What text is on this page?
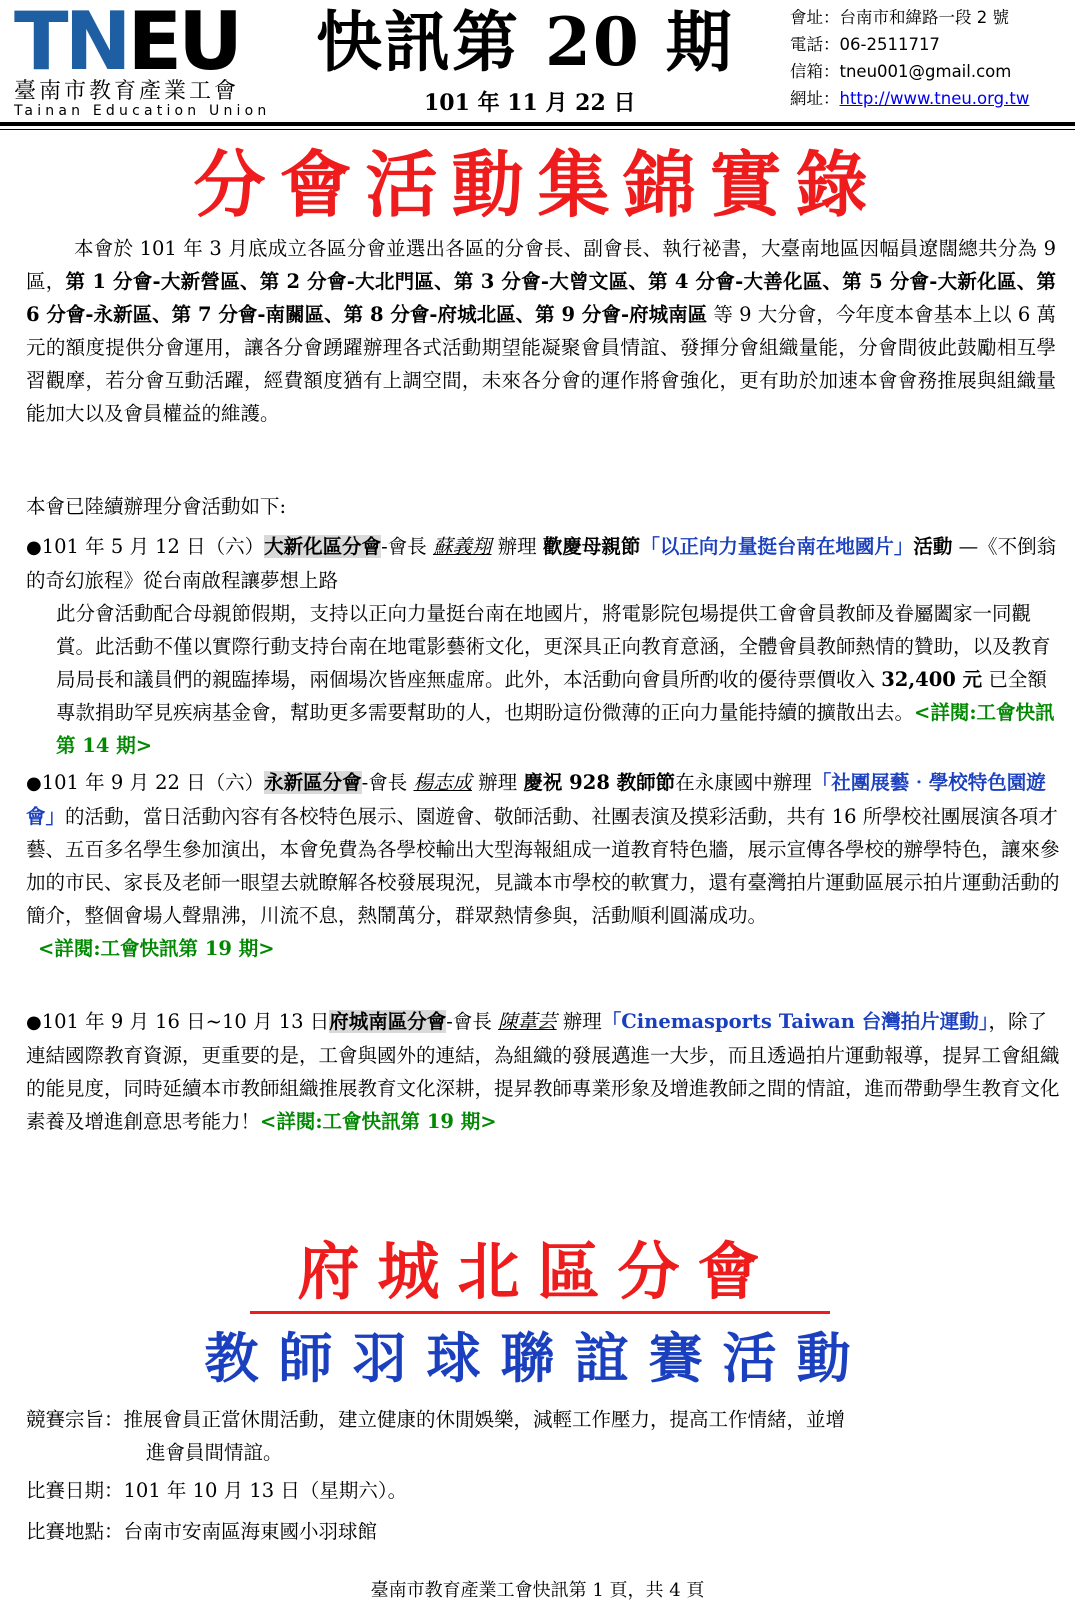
TNEU
臺南市教育產業工會
Tainan Education Union
快訊第 20 期
101 年 11 月 22 日
會址：台南市和緯路一段 2 號
電話：06-2511717
信箱：tneu001@gmail.com
網址：http://www.tneu.org.tw
分會活動集錦實錄
本會於 101 年 3 月底成立各區分會並選出各區的分會長、副會長、執行祕書，大臺南地區因幅員遼闊總共分為 9 區，第 1 分會-大新營區、第 2 分會-大北門區、第 3 分會-大曾文區、第 4 分會-大善化區、第 5 分會-大新化區、第 6 分會-永新區、第 7 分會-南關區、第 8 分會-府城北區、第 9 分會-府城南區 等 9 大分會，今年度本會基本上以 6 萬元的額度提供分會運用，讓各分會踴躍辦理各式活動期望能凝聚會員情誼、發揮分會組織量能，分會間彼此鼓勵相互學習觀摩，若分會互動活躍，經費額度猶有上調空間，未來各分會的運作將會強化，更有助於加速本會會務推展與組織量能加大以及會員權益的維護。
本會已陸續辦理分會活動如下:
●101 年 5 月 12 日（六）大新化區分會-會長 蘇義翔 辦理 歡慶母親節「以正向力量挺台南在地國片」活動 —《不倒翁的奇幻旅程》從台南啟程讓夢想上路
此分會活動配合母親節假期，支持以正向力量挺台南在地國片，將電影院包場提供工會會員教師及眷屬闔家一同觀賞。此活動不僅以實際行動支持台南在地電影藝術文化，更深具正向教育意涵，全體會員教師熱情的贊助，以及教育局局長和議員們的親臨捧場，兩個場次皆座無虛席。此外，本活動向會員所酌收的優待票價收入 32,400 元 已全額專款捐助罕見疾病基金會，幫助更多需要幫助的人，也期盼這份微薄的正向力量能持續的擴散出去。<詳閱:工會快訊第 14 期>
●101 年 9 月 22 日（六）永新區分會-會長 楊志成 辦理 慶祝 928 教師節在永康國中辦理「社團展藝‧學校特色園遊會」的活動，當日活動內容有各校特色展示、園遊會、敬師活動、社團表演及摸彩活動，共有 16 所學校社團展演各項才藝、五百多名學生參加演出，本會免費為各學校輸出大型海報組成一道教育特色牆，展示宣傳各學校的辦學特色，讓來參加的市民、家長及老師一眼望去就瞭解各校發展現況，見識本市學校的軟實力，還有臺灣拍片運動區展示拍片運動活動的簡介，整個會場人聲鼎沸，川流不息，熱鬧萬分，群眾熱情參與，活動順利圓滿成功。
<詳閱:工會快訊第 19 期>
●101 年 9 月 16 日~10 月 13 日府城南區分會-會長 陳葦芸 辦理「Cinemasports Taiwan 台灣拍片運動」，除了連結國際教育資源，更重要的是，工會與國外的連結，為組織的發展邁進一大步，而且透過拍片運動報導，提昇工會組織的能見度，同時延續本市教師組織推展教育文化深耕，提昇教師專業形象及增進教師之間的情誼，進而帶動學生教育文化素養及增進創意思考能力！<詳閱:工會快訊第 19 期>
府城北區分會
教師羽球聯誼賽活動
競賽宗旨：推展會員正當休閒活動，建立健康的休閒娛樂，減輕工作壓力，提高工作情緒，並增
進會員間情誼。
比賽日期：101 年 10 月 13 日（星期六）。
比賽地點：台南市安南區海東國小羽球館
臺南市教育產業工會快訊第 1 頁，共 4 頁
